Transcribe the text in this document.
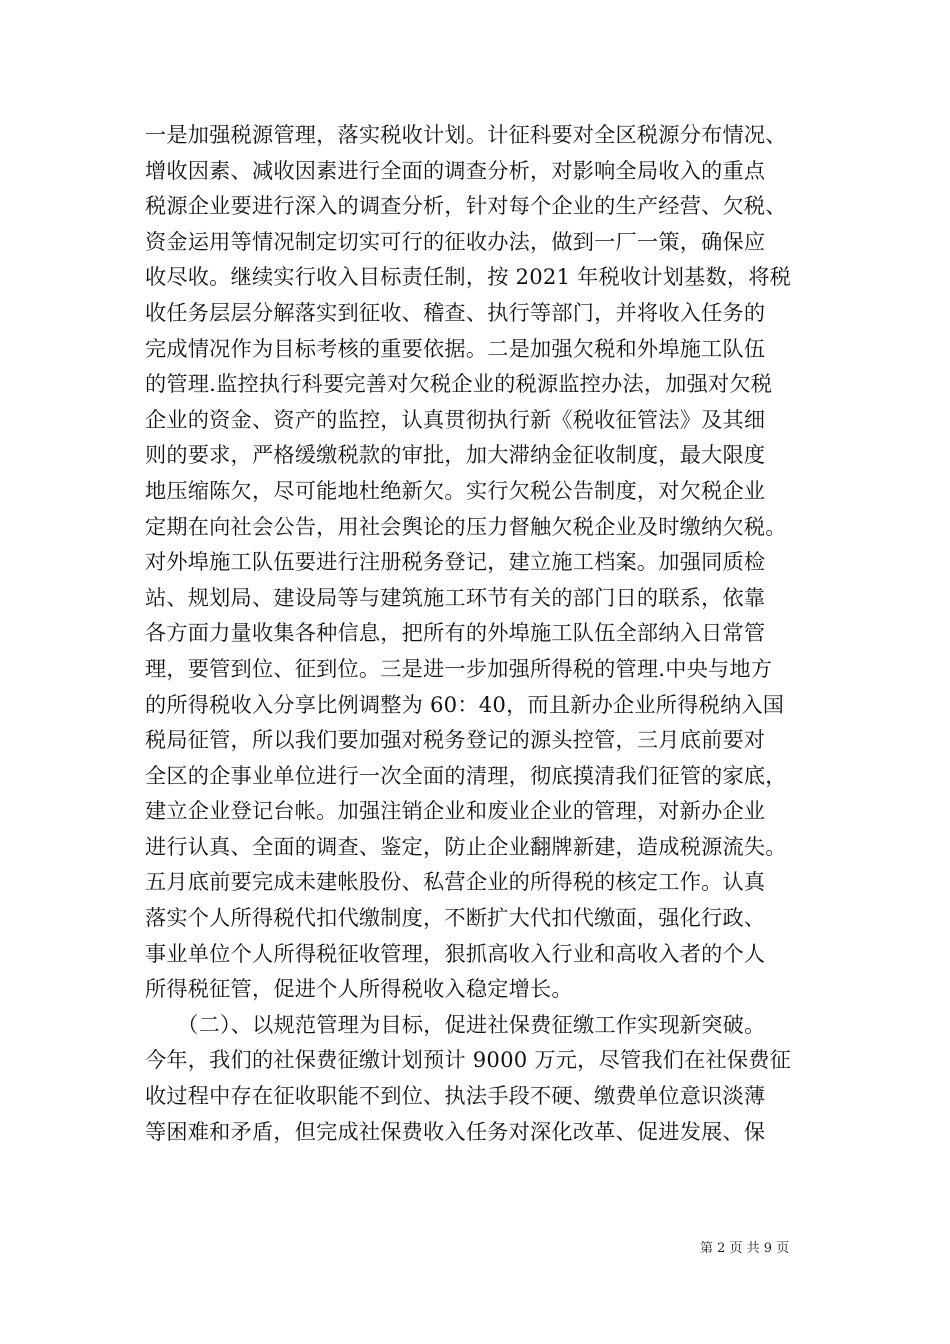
一是加强税源管理，落实税收计划。计征科要对全区税源分布情况、
增收因素、减收因素进行全面的调查分析，对影响全局收入的重点
税源企业要进行深入的调查分析，针对每个企业的生产经营、欠税、
资金运用等情况制定切实可行的征收办法，做到一厂一策，确保应
收尽收。继续实行收入目标责任制，按 2021 年税收计划基数，将税
收任务层层分解落实到征收、稽查、执行等部门，并将收入任务的
完成情况作为目标考核的重要依据。二是加强欠税和外埠施工队伍
的管理.监控执行科要完善对欠税企业的税源监控办法，加强对欠税
企业的资金、资产的监控，认真贯彻执行新《税收征管法》及其细
则的要求，严格缓缴税款的审批，加大滞纳金征收制度，最大限度
地压缩陈欠，尽可能地杜绝新欠。实行欠税公告制度，对欠税企业
定期在向社会公告，用社会舆论的压力督触欠税企业及时缴纳欠税。
对外埠施工队伍要进行注册税务登记，建立施工档案。加强同质检
站、规划局、建设局等与建筑施工环节有关的部门日的联系，依靠
各方面力量收集各种信息，把所有的外埠施工队伍全部纳入日常管
理，要管到位、征到位。三是进一步加强所得税的管理.中央与地方
的所得税收入分享比例调整为 60：40，而且新办企业所得税纳入国
税局征管，所以我们要加强对税务登记的源头控管，三月底前要对
全区的企事业单位进行一次全面的清理，彻底摸清我们征管的家底，
建立企业登记台帐。加强注销企业和废业企业的管理，对新办企业
进行认真、全面的调查、鉴定，防止企业翻牌新建，造成税源流失。
五月底前要完成未建帐股份、私营企业的所得税的核定工作。认真
落实个人所得税代扣代缴制度，不断扩大代扣代缴面，强化行政、
事业单位个人所得税征收管理，狠抓高收入行业和高收入者的个人
所得税征管，促进个人所得税收入稳定增长。
　　（二）、以规范管理为目标，促进社保费征缴工作实现新突破。
今年，我们的社保费征缴计划预计 9000 万元，尽管我们在社保费征
收过程中存在征收职能不到位、执法手段不硬、缴费单位意识淡薄
等困难和矛盾，但完成社保费收入任务对深化改革、促进发展、保
第 2 页 共 9 页
